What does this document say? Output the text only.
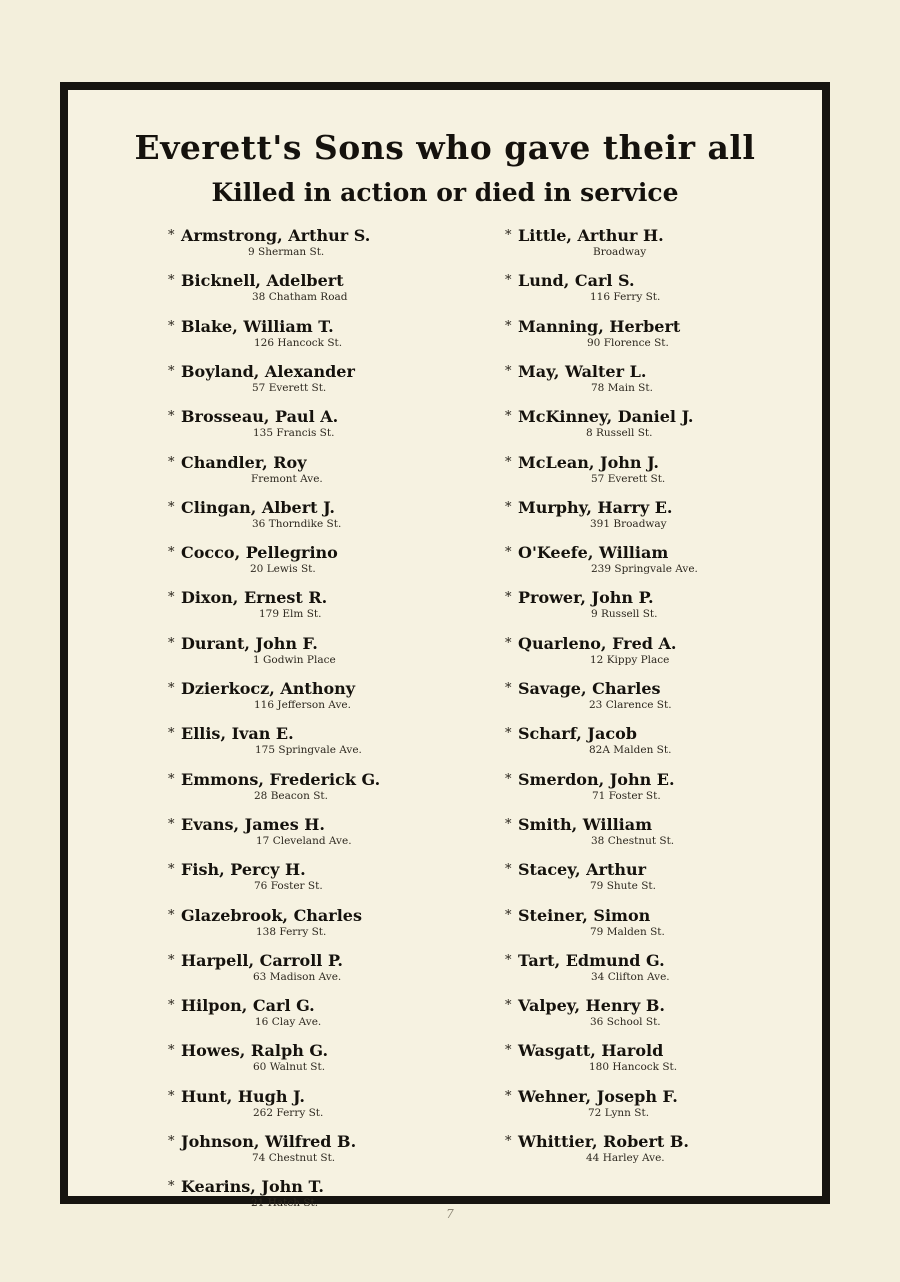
Everett's Sons who gave their all
Killed in action or died in service
* Armstrong, Arthur S.
9 Sherman St.
* Bicknell, Adelbert
38 Chatham Road
* Blake, William T.
126 Hancock St.
* Boyland, Alexander
57 Everett St.
* Brosseau, Paul A.
135 Francis St.
* Chandler, Roy
Fremont Ave.
* Clingan, Albert J.
36 Thorndike St.
* Cocco, Pellegrino
20 Lewis St.
* Dixon, Ernest R.
179 Elm St.
* Durant, John F.
1 Godwin Place
* Dzierkocz, Anthony
116 Jefferson Ave.
* Ellis, Ivan E.
175 Springvale Ave.
* Emmons, Frederick G.
28 Beacon St.
* Evans, James H.
17 Cleveland Ave.
* Fish, Percy H.
76 Foster St.
* Glazebrook, Charles
138 Ferry St.
* Harpell, Carroll P.
63 Madison Ave.
* Hilpon, Carl G.
16 Clay Ave.
* Howes, Ralph G.
60 Walnut St.
* Hunt, Hugh J.
262 Ferry St.
* Johnson, Wilfred B.
74 Chestnut St.
* Kearins, John T.
21 Hatch St.
* Little, Arthur H.
Broadway
* Lund, Carl S.
116 Ferry St.
* Manning, Herbert
90 Florence St.
* May, Walter L.
78 Main St.
* McKinney, Daniel J.
8 Russell St.
* McLean, John J.
57 Everett St.
* Murphy, Harry E.
391 Broadway
* O'Keefe, William
239 Springvale Ave.
* Prower, John P.
9 Russell St.
* Quarleno, Fred A.
12 Kippy Place
* Savage, Charles
23 Clarence St.
* Scharf, Jacob
82A Malden St.
* Smerdon, John E.
71 Foster St.
* Smith, William
38 Chestnut St.
* Stacey, Arthur
79 Shute St.
* Steiner, Simon
79 Malden St.
* Tart, Edmund G.
34 Clifton Ave.
* Valpey, Henry B.
36 School St.
* Wasgatt, Harold
180 Hancock St.
* Wehner, Joseph F.
72 Lynn St.
* Whittier, Robert B.
44 Harley Ave.
7
